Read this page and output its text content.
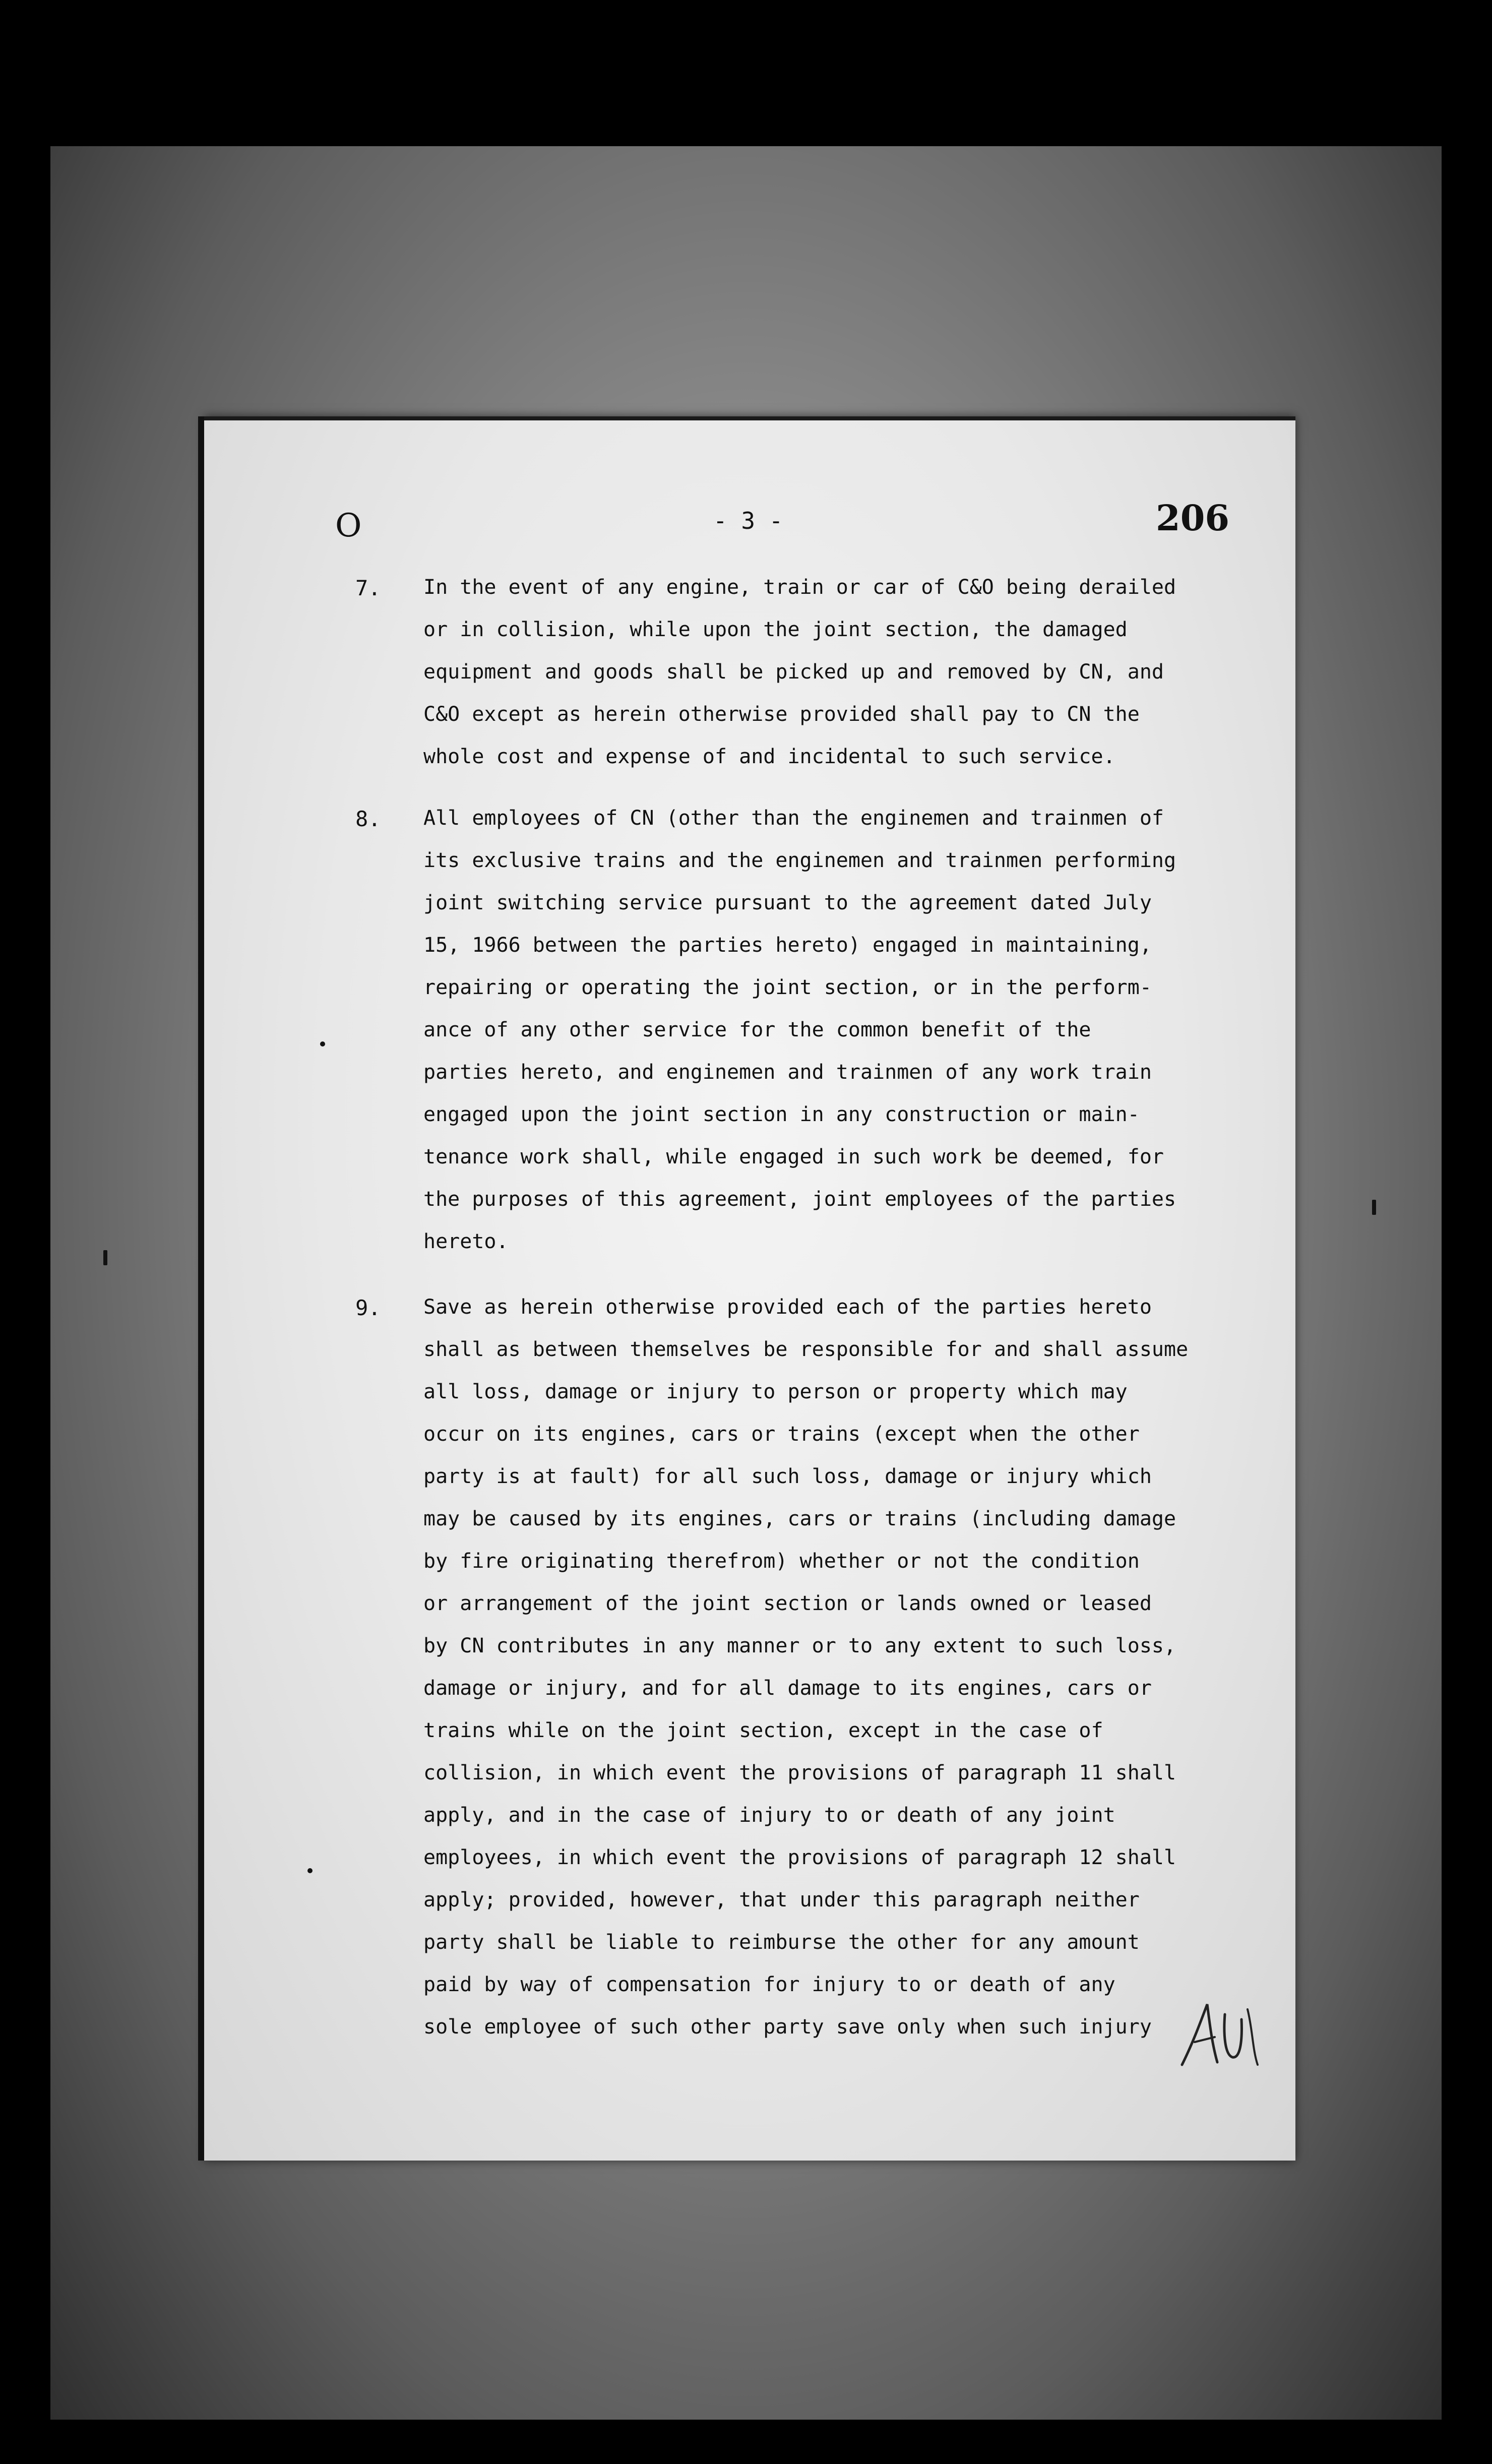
O	- 3 -	206
7. In the event of any engine, train or car of C&O being derailed
or in collision, while upon the joint section, the damaged
equipment and goods shall be picked up and removed by CN, and
C&O except as herein otherwise provided shall pay to CN the
whole cost and expense of and incidental to such service.
8. All employees of CN (other than the enginemen and trainmen of
its exclusive trains and the enginemen and trainmen performing
joint switching service pursuant to the agreement dated July
15, 1966 between the parties hereto) engaged in maintaining,
repairing or operating the joint section, or in the perform-
ance of any other service for the common benefit of the
parties hereto, and enginemen and trainmen of any work train
engaged upon the joint section in any construction or main-
tenance work shall, while engaged in such work be deemed, for
the purposes of this agreement, joint employees of the parties
hereto.
9. Save as herein otherwise provided each of the parties hereto
shall as between themselves be responsible for and shall assume
all loss, damage or injury to person or property which may
occur on its engines, cars or trains (except when the other
party is at fault) for all such loss, damage or injury which
may be caused by its engines, cars or trains (including damage
by fire originating therefrom) whether or not the condition
or arrangement of the joint section or lands owned or leased
by CN contributes in any manner or to any extent to such loss,
damage or injury, and for all damage to its engines, cars or
trains while on the joint section, except in the case of
collision, in which event the provisions of paragraph 11 shall
apply, and in the case of injury to or death of any joint
employees, in which event the provisions of paragraph 12 shall
apply; provided, however, that under this paragraph neither
party shall be liable to reimburse the other for any amount
paid by way of compensation for injury to or death of any
sole employee of such other party save only when such injury
